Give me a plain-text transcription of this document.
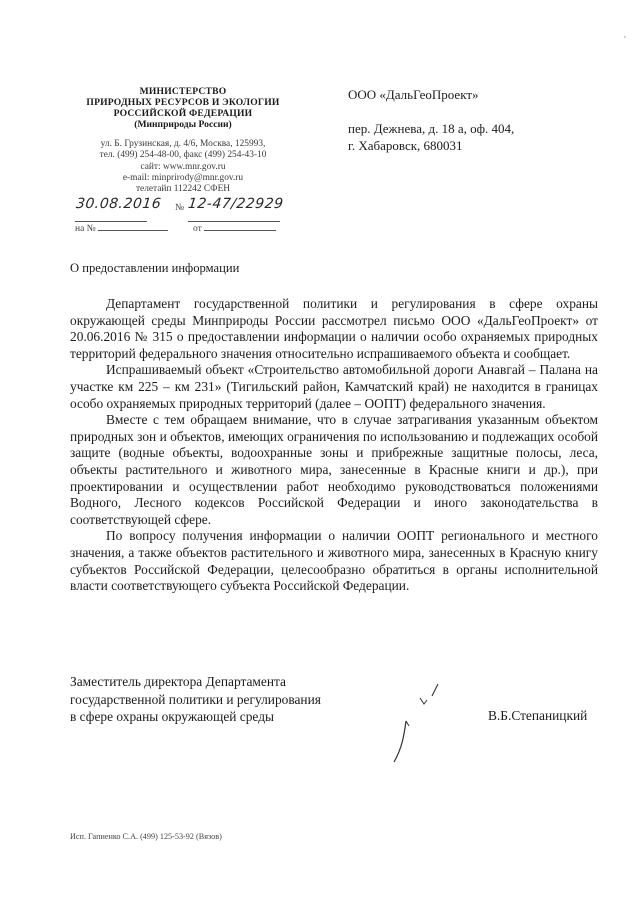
,
МИНИСТЕРСТВО
ПРИРОДНЫХ РЕСУРСОВ И ЭКОЛОГИИ
РОССИЙСКОЙ ФЕДЕРАЦИИ
(Минприроды России)
ул. Б. Грузинская, д. 4/6, Москва, 125993,
тел. (499) 254-48-00, факс (499) 254-43-10
сайт: www.mnr.gov.ru
e-mail: minprirody@mnr.gov.ru
телетайп 112242 СФЕН
30.08.2016 № 12-47/22929
на №	от
ООО «ДальГеоПроект»
пер. Дежнева, д. 18 а, оф. 404,
г. Хабаровск, 680031
О предоставлении информации

Департамент государственной политики и регулирования в сфере охраны окружающей среды Минприроды России рассмотрел письмо ООО «ДальГеоПроект» от 20.06.2016 № 315 о предоставлении информации о наличии особо охраняемых природных территорий федерального значения относительно испрашиваемого объекта и сообщает.

Испрашиваемый объект «Строительство автомобильной дороги Анавгай – Палана на участке км 225 – км 231» (Тигильский район, Камчатский край) не находится в границах особо охраняемых природных территорий (далее – ООПТ) федерального значения.

Вместе с тем обращаем внимание, что в случае затрагивания указанным объектом природных зон и объектов, имеющих ограничения по использованию и подлежащих особой защите (водные объекты, водоохранные зоны и прибрежные защитные полосы, леса, объекты растительного и животного мира, занесенные в Красные книги и др.), при проектировании и осуществлении работ необходимо руководствоваться положениями Водного, Лесного кодексов Российской Федерации и иного законодательства в соответствующей сфере.

По вопросу получения информации о наличии ООПТ регионального и местного значения, а также объектов растительного и животного мира, занесенных в Красную книгу субъектов Российской Федерации, целесообразно обратиться в органы исполнительной власти соответствующего субъекта Российской Федерации.

Заместитель директора Департамента
государственной политики и регулирования
в сфере охраны окружающей среды	В.Б.Степаницкий
Исп. Гапиенко С.А. (499) 125-53-92 (Вязов)
